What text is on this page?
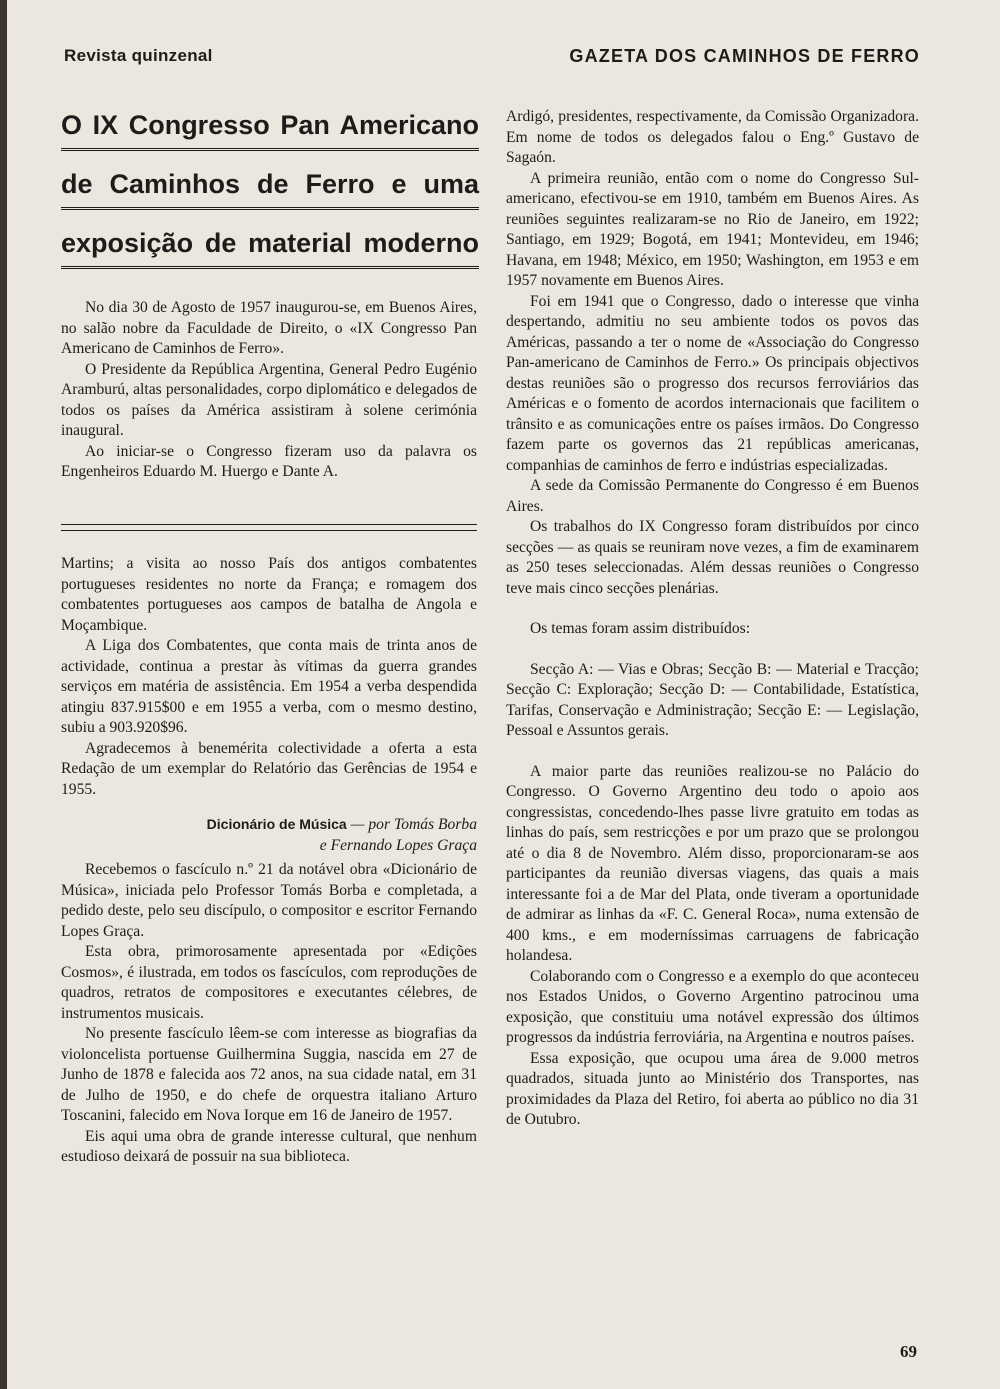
Revista quinzenal	GAZETA DOS CAMINHOS DE FERRO
O IX Congresso Pan Americano
de Caminhos de Ferro e uma
exposição de material moderno

No dia 30 de Agosto de 1957 inaugurou-se, em Buenos Aires, no salão nobre da Faculdade de Direito, o «IX Congresso Pan Americano de Caminhos de Ferro».

O Presidente da República Argentina, General Pedro Eugénio Aramburú, altas personalidades, corpo diplomático e delegados de todos os países da América assistiram à solene cerimónia inaugural.

Ao iniciar-se o Congresso fizeram uso da palavra os Engenheiros Eduardo M. Huergo e Dante A.

Martins; a visita ao nosso País dos antigos combatentes portugueses residentes no norte da França; e romagem dos combatentes portugueses aos campos de batalha de Angola e Moçambique.

A Liga dos Combatentes, que conta mais de trinta anos de actividade, continua a prestar às vítimas da guerra grandes serviços em matéria de assistência. Em 1954 a verba despendida atingiu 837.915$00 e em 1955 a verba, com o mesmo destino, subiu a 903.920$96.

Agradecemos à benemérita colectividade a oferta a esta Redação de um exemplar do Relatório das Gerências de 1954 e 1955.

Dicionário de Música — por Tomás Borba
e Fernando Lopes Graça

Recebemos o fascículo n.º 21 da notável obra «Dicionário de Música», iniciada pelo Professor Tomás Borba e completada, a pedido deste, pelo seu discípulo, o compositor e escritor Fernando Lopes Graça.

Esta obra, primorosamente apresentada por «Edições Cosmos», é ilustrada, em todos os fascículos, com reproduções de quadros, retratos de compositores e executantes célebres, de instrumentos musicais.

No presente fascículo lêem-se com interesse as biografias da violoncelista portuense Guilhermina Suggia, nascida em 27 de Junho de 1878 e falecida aos 72 anos, na sua cidade natal, em 31 de Julho de 1950, e do chefe de orquestra italiano Arturo Toscanini, falecido em Nova Iorque em 16 de Janeiro de 1957.

Eis aqui uma obra de grande interesse cultural, que nenhum estudioso deixará de possuir na sua biblioteca.

Ardigó, presidentes, respectivamente, da Comissão Organizadora. Em nome de todos os delegados falou o Eng.º Gustavo de Sagaón.

A primeira reunião, então com o nome do Congresso Sul-americano, efectivou-se em 1910, também em Buenos Aires. As reuniões seguintes realizaram-se no Rio de Janeiro, em 1922; Santiago, em 1929; Bogotá, em 1941; Montevideu, em 1946; Havana, em 1948; México, em 1950; Washington, em 1953 e em 1957 novamente em Buenos Aires.

Foi em 1941 que o Congresso, dado o interesse que vinha despertando, admitiu no seu ambiente todos os povos das Américas, passando a ter o nome de «Associação do Congresso Pan-americano de Caminhos de Ferro.» Os principais objectivos destas reuniões são o progresso dos recursos ferroviários das Américas e o fomento de acordos internacionais que facilitem o trânsito e as comunicações entre os países irmãos. Do Congresso fazem parte os governos das 21 repúblicas americanas, companhias de caminhos de ferro e indústrias especializadas.

A sede da Comissão Permanente do Congresso é em Buenos Aires.

Os trabalhos do IX Congresso foram distribuídos por cinco secções — as quais se reuniram nove vezes, a fim de examinarem as 250 teses seleccionadas. Além dessas reuniões o Congresso teve mais cinco secções plenárias.

Os temas foram assim distribuídos:

Secção A: — Vias e Obras; Secção B: — Material e Tracção; Secção C: Exploração; Secção D: — Contabilidade, Estatística, Tarifas, Conservação e Administração; Secção E: — Legislação, Pessoal e Assuntos gerais.

A maior parte das reuniões realizou-se no Palácio do Congresso. O Governo Argentino deu todo o apoio aos congressistas, concedendo-lhes passe livre gratuito em todas as linhas do país, sem restricções e por um prazo que se prolongou até o dia 8 de Novembro. Além disso, proporcionaram-se aos participantes da reunião diversas viagens, das quais a mais interessante foi a de Mar del Plata, onde tiveram a oportunidade de admirar as linhas da «F. C. General Roca», numa extensão de 400 kms., e em moderníssimas carruagens de fabricação holandesa.

Colaborando com o Congresso e a exemplo do que aconteceu nos Estados Unidos, o Governo Argentino patrocinou uma exposição, que constituiu uma notável expressão dos últimos progressos da indústria ferroviária, na Argentina e noutros países.

Essa exposição, que ocupou uma área de 9.000 metros quadrados, situada junto ao Ministério dos Transportes, nas proximidades da Plaza del Retiro, foi aberta ao público no dia 31 de Outubro.

69
